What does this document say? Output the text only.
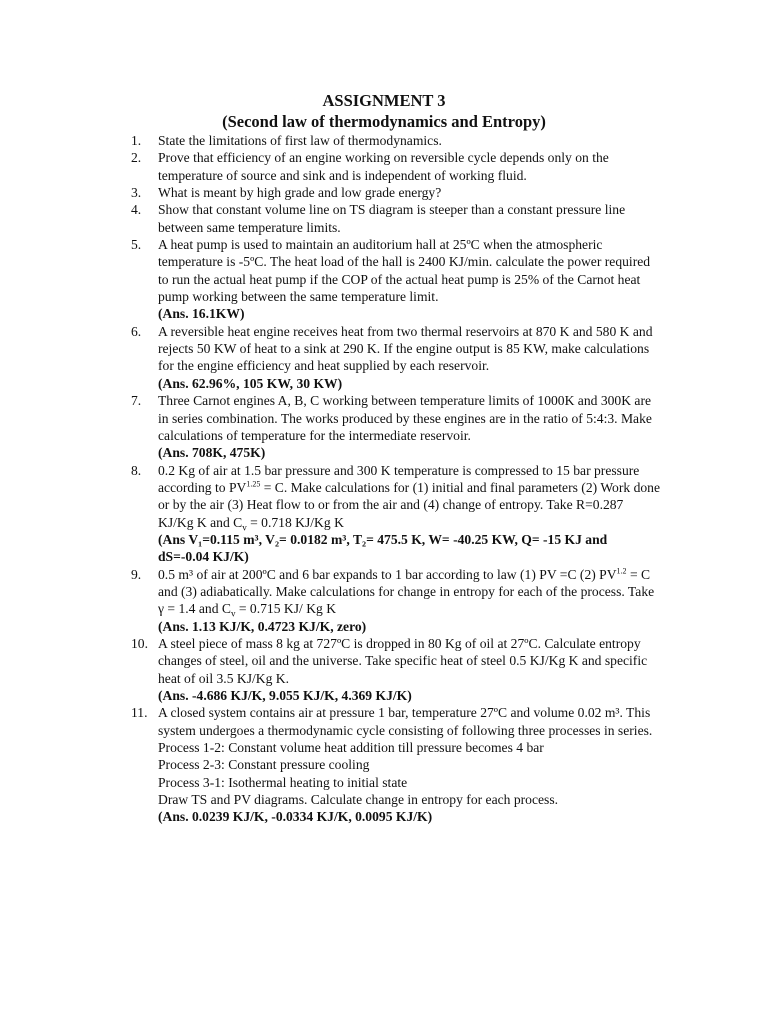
ASSIGNMENT 3
(Second law of thermodynamics and Entropy)
1. State the limitations of first law of thermodynamics.
2. Prove that efficiency of an engine working on reversible cycle depends only on the temperature of source and sink and is independent of working fluid.
3. What is meant by high grade and low grade energy?
4. Show that constant volume line on TS diagram is steeper than a constant pressure line between same temperature limits.
5. A heat pump is used to maintain an auditorium hall at 25ºC when the atmospheric temperature is -5ºC. The heat load of the hall is 2400 KJ/min. calculate the power required to run the actual heat pump if the COP of the actual heat pump is 25% of the Carnot heat pump working between the same temperature limit.
(Ans. 16.1KW)
6. A reversible heat engine receives heat from two thermal reservoirs at 870 K and 580 K and rejects 50 KW of heat to a sink at 290 K. If the engine output is 85 KW, make calculations for the engine efficiency and heat supplied by each reservoir.
(Ans. 62.96%, 105 KW, 30 KW)
7. Three Carnot engines A, B, C working between temperature limits of 1000K and 300K are in series combination. The works produced by these engines are in the ratio of 5:4:3. Make calculations of temperature for the intermediate reservoir.
(Ans. 708K, 475K)
8. 0.2 Kg of air at 1.5 bar pressure and 300 K temperature is compressed to 15 bar pressure according to $PV^{1.25} = C$. Make calculations for (1) initial and final parameters (2) Work done or by the air (3) Heat flow to or from the air and (4) change of entropy. Take R=0.287 KJ/Kg K and $C_v = 0.718$ KJ/Kg K
(Ans V₁=0.115 m³, V₂= 0.0182 m³, T₂= 475.5 K, W= -40.25 KW, Q= -15 KJ and dS=-0.04 KJ/K)
9. 0.5 m³ of air at 200ºC and 6 bar expands to 1 bar according to law (1) PV =C (2) $PV^{1.2} = C$ and (3) adiabatically. Make calculations for change in entropy for each of the process. Take γ = 1.4 and $C_v = 0.715$ KJ/ Kg K
(Ans. 1.13 KJ/K, 0.4723 KJ/K, zero)
10. A steel piece of mass 8 kg at 727ºC is dropped in 80 Kg of oil at 27ºC. Calculate entropy changes of steel, oil and the universe. Take specific heat of steel 0.5 KJ/Kg K and specific heat of oil 3.5 KJ/Kg K.
(Ans. -4.686 KJ/K, 9.055 KJ/K, 4.369 KJ/K)
11. A closed system contains air at pressure 1 bar, temperature 27ºC and volume 0.02 m³. This system undergoes a thermodynamic cycle consisting of following three processes in series.
Process 1-2: Constant volume heat addition till pressure becomes 4 bar
Process 2-3: Constant pressure cooling
Process 3-1: Isothermal heating to initial state
Draw TS and PV diagrams. Calculate change in entropy for each process.
(Ans. 0.0239 KJ/K, -0.0334 KJ/K, 0.0095 KJ/K)
